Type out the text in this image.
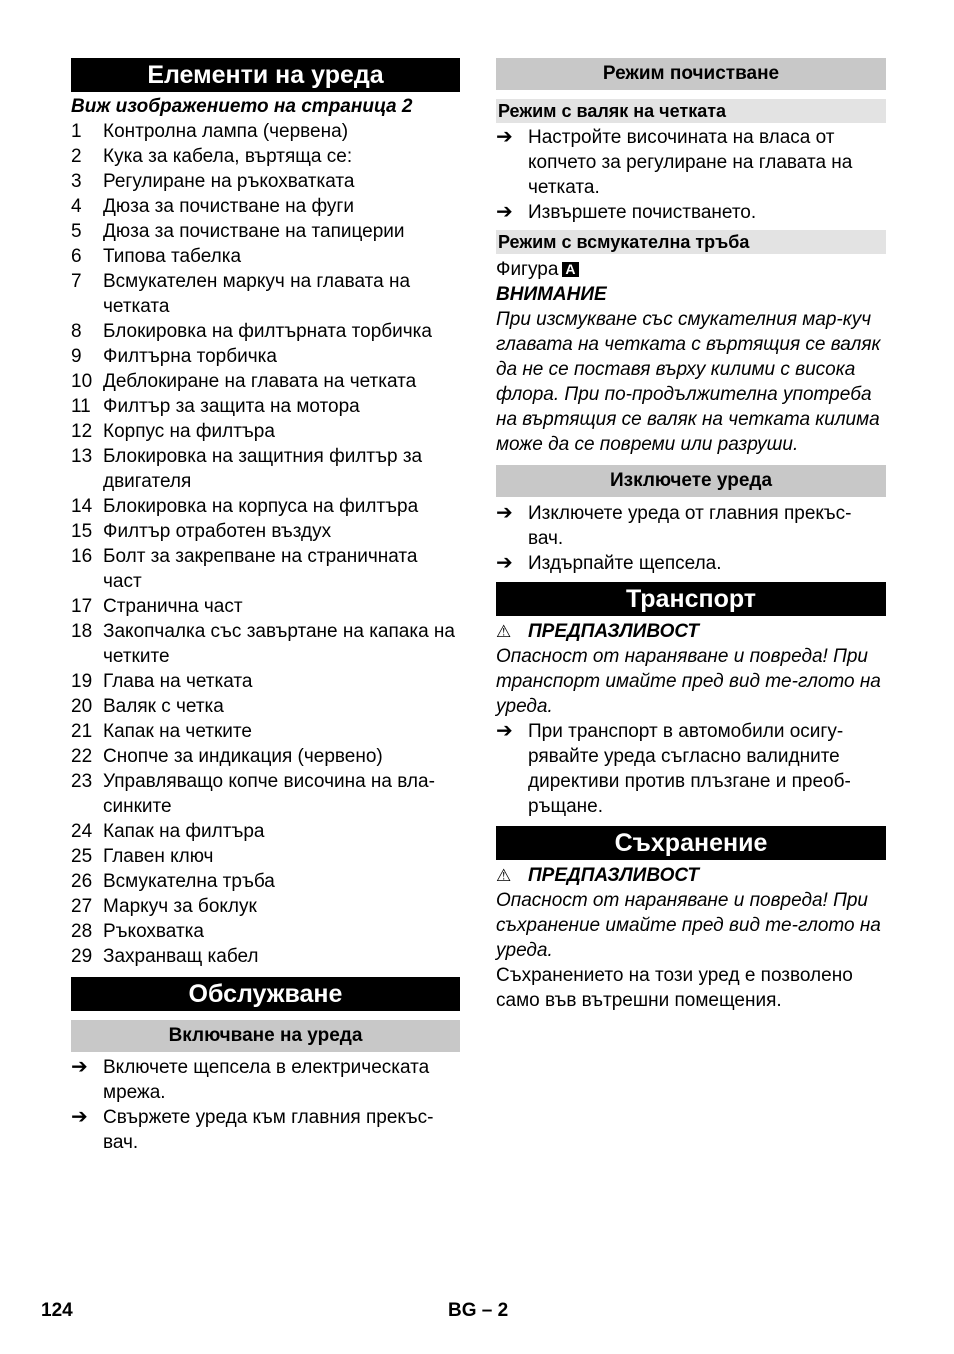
Елементи на уреда
Виж изображението на страница 2
1	Контролна лампа (червена)
2	Кука за кабела, въртяща се:
3	Регулиране на ръкохватката
4	Дюза за почистване на фуги
5	Дюза за почистване на тапицерии
6	Типова табелка
7	Всмукателен маркуч на главата на четката
8	Блокировка на филтърната торбичка
9	Филтърна торбичка
10 Деблокиране на главата на четката
11 Филтър за защита на мотора
12 Корпус на филтъра
13 Блокировка на защитния филтър за двигателя
14 Блокировка на корпуса на филтъра
15 Филтър отработен въздух
16 Болт за закрепване на страничната част
17 Странична част
18 Закопчалка със завъртане на капака на четките
19 Глава на четката
20 Валяк с четка
21 Капак на четките
22 Снопче за индикация (червено)
23 Управляващо копче височина на вла-синките
24 Капак на филтъра
25 Главен ключ
26 Всмукателна тръба
27 Маркуч за боклук
28 Ръкохватка
29 Захранващ кабел
Обслужване
Включване на уреда
➔ Включете щепсела в електрическата мрежа.
➔ Свържете уреда към главния прекъс-вач.
Режим почистване
Режим с валяк на четката
➔ Настройте височината на власа от копчето за регулиране на главата на четката.
➔ Извършете почистването.
Режим с всмукателна тръба
Фигура A
ВНИМАНИЕ

При изсмукване със смукателния мар-куч главата на четката с въртящия се валяк да не се поставя върху килими с висока флора. При по-продължителна употреба на въртящия се валяк на четката килима може да се повреми или разруши.

Изключете уреда
➔ Изключете уреда от главния прекъс-вач.
➔ Издърпайте щепсела.
Транспорт
⚠ ПРЕДПАЗЛИВОСТ

Опасност от нараняване и повреда! При транспорт имайте пред вид те-глото на уреда.

➔ При транспорт в автомобили осигу-рявайте уреда съгласно валидните директиви против плъзгане и преоб-ръщане.
Съхранение
⚠ ПРЕДПАЗЛИВОСТ

Опасност от нараняване и повреда! При съхранение имайте пред вид те-глото на уреда.

Съхранението на този уред е позволено само във вътрешни помещения.

124	BG – 2
